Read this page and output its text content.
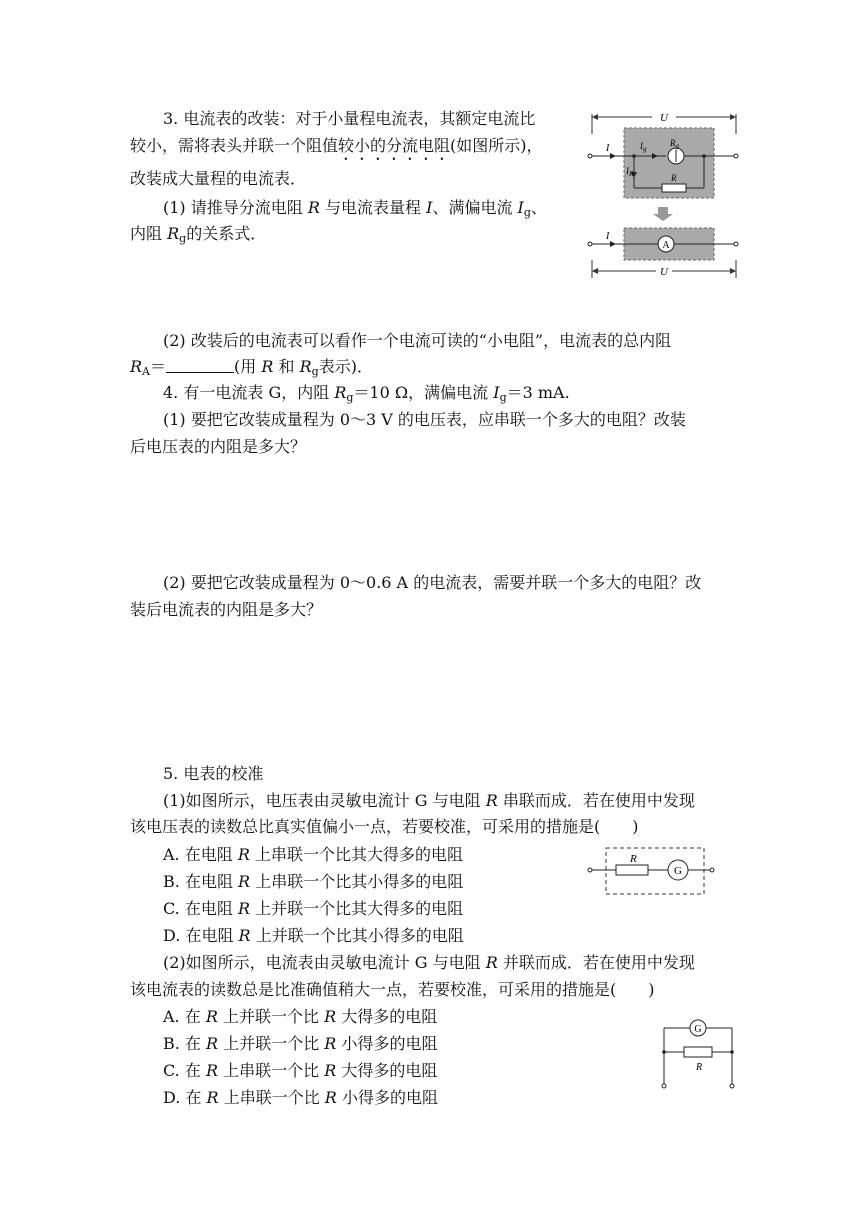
3. 电流表的改装：对于小量程电流表，其额定电流比
较小，需将表头并联一个阻值较小的分流电阻(如图所示)，
改装成大量程的电流表．
(1) 请推导分流电阻 R 与电流表量程 I、满偏电流 $I_g$、
内阻 $R_g$的关系式．
U
I	$I_g$
$R_g$
$I_R$	R
I
A
U
(2) 改装后的电流表可以看作一个电流可读的“小电阻”，电流表的总内阻
$R_A=$	(用 R 和 $R_g$表示)．
4. 有一电流表 G，内阻 $R_g=10$ Ω，满偏电流 $I_g=3$ mA.
(1) 要把它改装成量程为 0～3 V 的电压表，应串联一个多大的电阻？改装
后电压表的内阻是多大？
(2) 要把它改装成量程为 0～0.6 A 的电流表，需要并联一个多大的电阻？改
装后电流表的内阻是多大？
5. 电表的校准
(1)如图所示，电压表由灵敏电流计 G 与电阻 R 串联而成．若在使用中发现
该电压表的读数总比真实值偏小一点，若要校准，可采用的措施是(　　)
A. 在电阻 R 上串联一个比其大得多的电阻
B. 在电阻 R 上串联一个比其小得多的电阻
C. 在电阻 R 上并联一个比其大得多的电阻
D. 在电阻 R 上并联一个比其小得多的电阻
R
G
(2)如图所示，电流表由灵敏电流计 G 与电阻 R 并联而成．若在使用中发现
该电流表的读数总是比准确值稍大一点，若要校准，可采用的措施是(　　)
A. 在 R 上并联一个比 R 大得多的电阻
B. 在 R 上并联一个比 R 小得多的电阻
C. 在 R 上串联一个比 R 大得多的电阻
D. 在 R 上串联一个比 R 小得多的电阻
G
R
